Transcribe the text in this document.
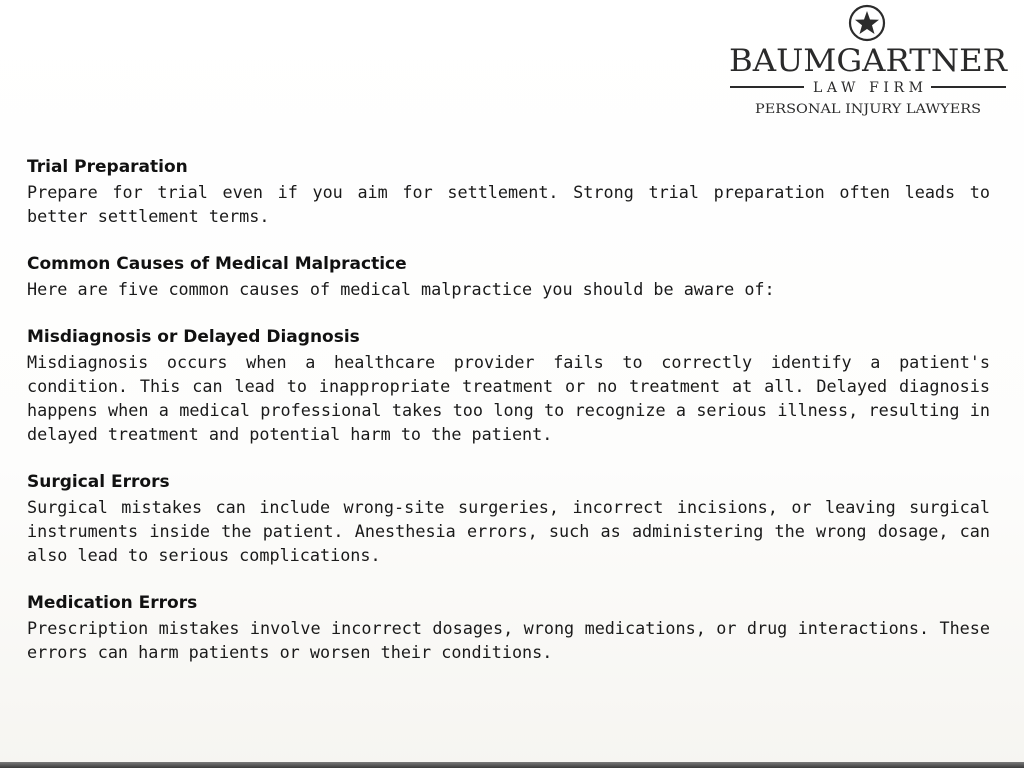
BAUMGARTNER
LAW FIRM
PERSONAL INJURY LAWYERS
Trial Preparation
Prepare for trial even if you aim for settlement. Strong trial preparation often leads to better settlement terms.
Common Causes of Medical Malpractice
Here are five common causes of medical malpractice you should be aware of:
Misdiagnosis or Delayed Diagnosis
Misdiagnosis occurs when a healthcare provider fails to correctly identify a patient's condition. This can lead to inappropriate treatment or no treatment at all. Delayed diagnosis happens when a medical professional takes too long to recognize a serious illness, resulting in delayed treatment and potential harm to the patient.
Surgical Errors
Surgical mistakes can include wrong-site surgeries, incorrect incisions, or leaving surgical instruments inside the patient. Anesthesia errors, such as administering the wrong dosage, can also lead to serious complications.
Medication Errors
Prescription mistakes involve incorrect dosages, wrong medications, or drug interactions. These errors can harm patients or worsen their conditions.
